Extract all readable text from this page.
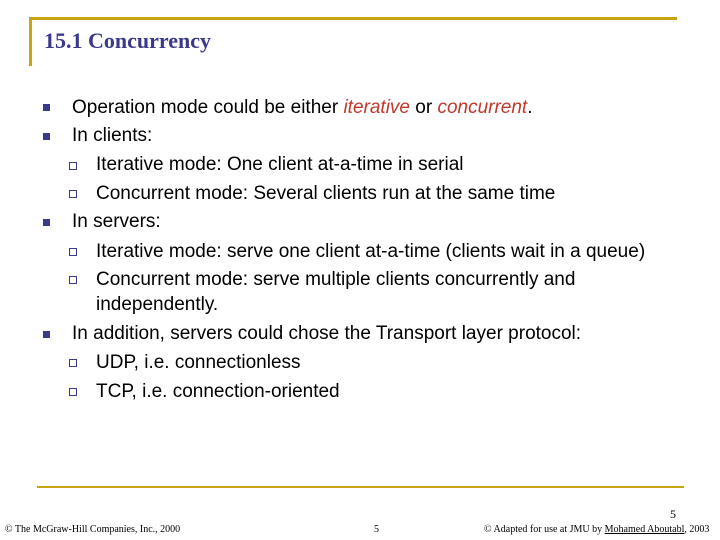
15.1 Concurrency
Operation mode could be either iterative or concurrent.
In clients:
Iterative mode: One client at-a-time in serial
Concurrent mode: Several clients run at the same time
In servers:
Iterative mode: serve one client at-a-time (clients wait in a queue)
Concurrent mode: serve multiple clients concurrently and
independently.
In addition, servers could chose the Transport layer protocol:
UDP, i.e. connectionless
TCP, i.e. connection-oriented
5
© The McGraw-Hill Companies, Inc., 2000	5	© Adapted for use at JMU by Mohamed Aboutabl, 2003
